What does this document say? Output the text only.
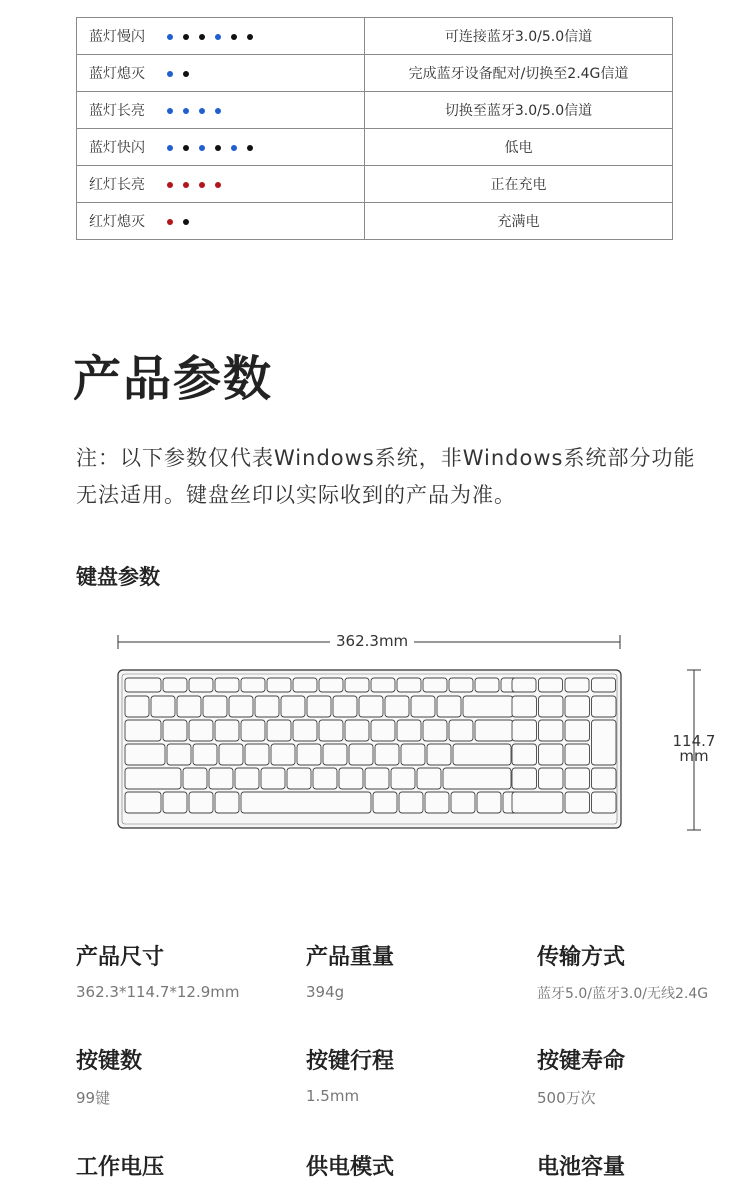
蓝灯慢闪	可连接蓝牙3.0/5.0信道
蓝灯熄灭	完成蓝牙设备配对/切换至2.4G信道
蓝灯长亮	切换至蓝牙3.0/5.0信道
蓝灯快闪	低电
红灯长亮	正在充电
红灯熄灭	充满电
产品参数

注：以下参数仅代表Windows系统，非Windows系统部分功能无法适用。键盘丝印以实际收到的产品为准。

键盘参数
362.3mm
114.7
mm
产品尺寸
362.3*114.7*12.9mm
产品重量
394g
传输方式
蓝牙5.0/蓝牙3.0/无线2.4G
按键数
99键
按键行程
1.5mm
按键寿命
500万次
工作电压	供电模式	电池容量
